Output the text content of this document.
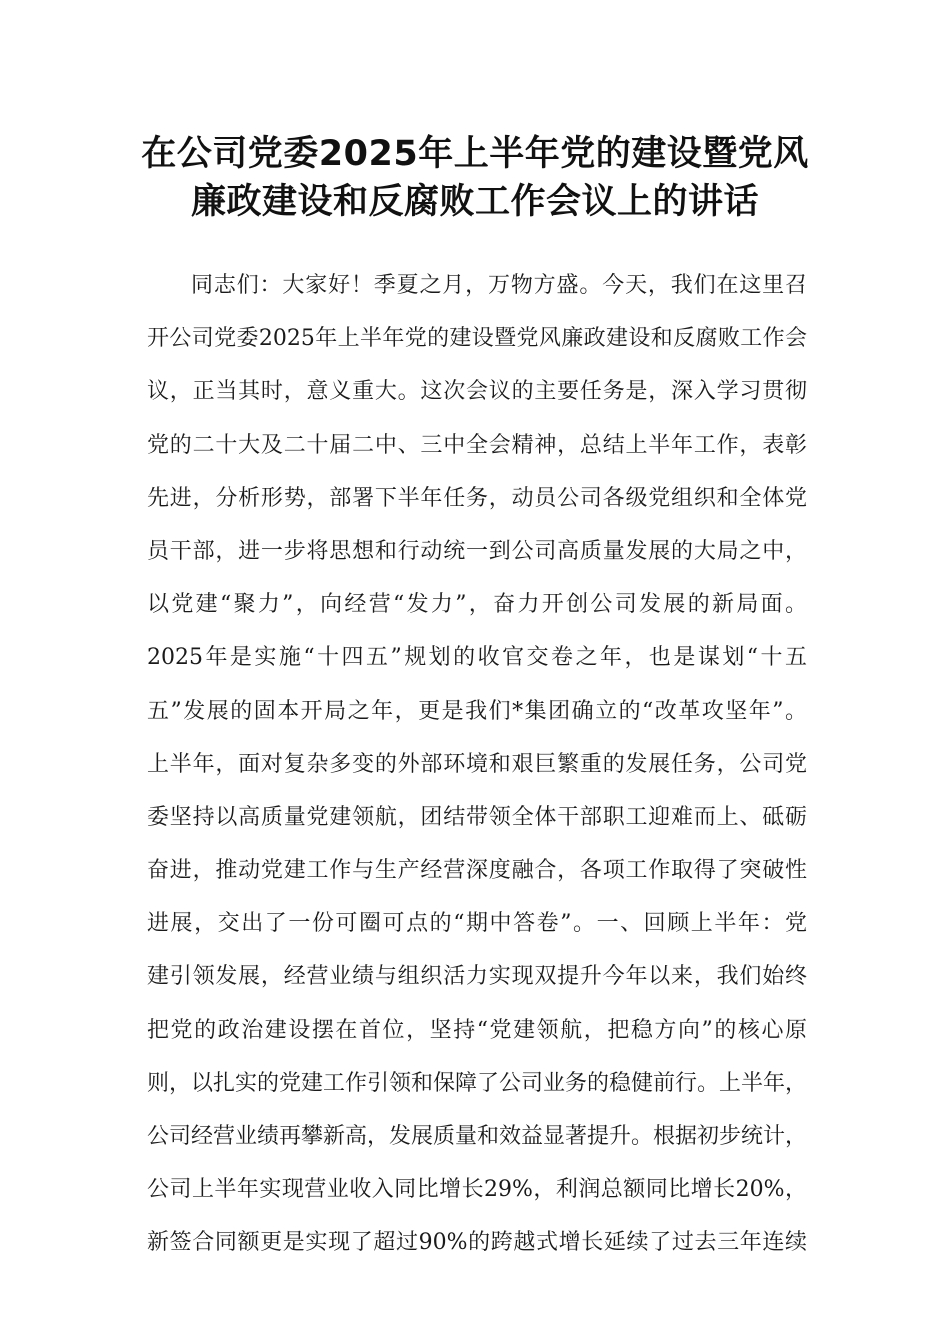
在公司党委2025年上半年党的建设暨党风
廉政建设和反腐败工作会议上的讲话
同志们：大家好！季夏之月，万物方盛。今天，我们在这里召
开公司党委2025年上半年党的建设暨党风廉政建设和反腐败工作会
议，正当其时，意义重大。这次会议的主要任务是，深入学习贯彻
党的二十大及二十届二中、三中全会精神，总结上半年工作，表彰
先进，分析形势，部署下半年任务，动员公司各级党组织和全体党
员干部，进一步将思想和行动统一到公司高质量发展的大局之中，
以党建“聚力”，向经营“发力”，奋力开创公司发展的新局面。
2025年是实施“十四五”规划的收官交卷之年，也是谋划“十五
五”发展的固本开局之年，更是我们*集团确立的“改革攻坚年”。
上半年，面对复杂多变的外部环境和艰巨繁重的发展任务，公司党
委坚持以高质量党建领航，团结带领全体干部职工迎难而上、砥砺
奋进，推动党建工作与生产经营深度融合，各项工作取得了突破性
进展，交出了一份可圈可点的“期中答卷”。一、回顾上半年：党
建引领发展，经营业绩与组织活力实现双提升今年以来，我们始终
把党的政治建设摆在首位，坚持“党建领航，把稳方向”的核心原
则，以扎实的党建工作引领和保障了公司业务的稳健前行。上半年，
公司经营业绩再攀新高，发展质量和效益显著提升。根据初步统计，
公司上半年实现营业收入同比增长29%，利润总额同比增长20%，
新签合同额更是实现了超过90%的跨越式增长延续了过去三年连续
